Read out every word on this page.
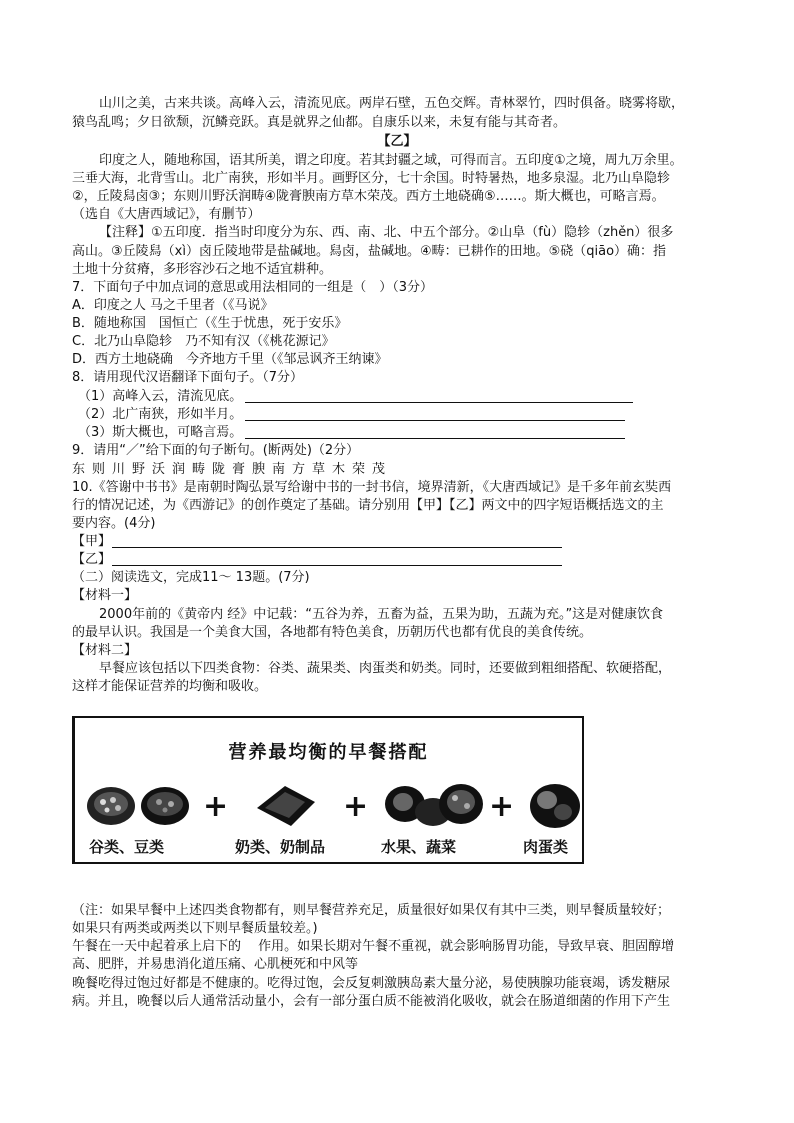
山川之美，古来共谈。高峰入云，清流见底。两岸石壁，五色交辉。青林翠竹，四时俱备。晓雾将歇，
猿鸟乱鸣；夕日欲颓，沉鳞竞跃。真是就界之仙都。自康乐以来，未复有能与其奇者。
【乙】
印度之人，随地称国，语其所美，谓之印度。若其封疆之域，可得而言。五印度①之境，周九万余里。
三垂大海，北背雪山。北广南狭，形如半月。画野区分，七十余国。时特暑热，地多泉湿。北乃山阜隐轸
②，丘陵舄卤③；东则川野沃润畴④陇膏腴南方草木荣茂。西方土地硗确⑤……。斯大概也，可略言焉。
（选自《大唐西域记》，有删节）
【注释】①五印度．指当时印度分为东、西、南、北、中五个部分。②山阜（fù）隐轸（zhěn）很多
高山。③丘陵舄（xì）卤丘陵地带是盐碱地。舄卤，盐碱地。④畴：已耕作的田地。⑤硗（qiāo）确：指
土地十分贫瘠，多形容沙石之地不适宜耕种。
7．下面句子中加点词的意思或用法相同的一组是（　）（3分）
A．印度之人 马之千里者（《马说》
B．随地称国　国恒亡（《生于忧患，死于安乐》
C．北乃山阜隐轸　乃不知有汉（《桃花源记》
D．西方土地硗确　今齐地方千里（《邹忌讽齐王纳谏》
8．请用现代汉语翻译下面句子。（7分）
（1）高峰入云，清流见底。
（2）北广南狭，形如半月。
（3）斯大概也，可略言焉。
9．请用“／”给下面的句子断句。(断两处)（2分）
东则川野沃润畴陇膏腴南方草木荣茂
10.《答谢中书书》是南朝时陶弘景写给谢中书的一封书信，境界清新，《大唐西域记》是千多年前玄奘西
行的情况记述，为《西游记》的创作奠定了基础。请分别用【甲】【乙】两文中的四字短语概括选文的主
要内容。(4分)
【甲】
【乙】
（二）阅读选文，完成11～ 13题。(7分)
【材料一】
2000年前的《黄帝内 经》中记载：“五谷为养，五畜为益，五果为助，五蔬为充。”这是对健康饮食
的最早认识。我国是一个美食大国，各地都有特色美食，历朝历代也都有优良的美食传统。
【材料二】
早餐应该包括以下四类食物：谷类、蔬果类、肉蛋类和奶类。同时，还要做到粗细搭配、软硬搭配，
这样才能保证营养的均衡和吸收。
营养最均衡的早餐搭配
+	+	+
谷类、豆类	奶类、奶制品	水果、蔬菜	肉蛋类
（注：如果早餐中上述四类食物都有，则早餐营养充足，质量很好如果仅有其中三类，则早餐质量较好；
如果只有两类或两类以下则早餐质量较差。)
午餐在一天中起着承上启下的　 作用。如果长期对午餐不重视，就会影响肠胃功能，导致早衰、胆固醇增
高、肥胖，并易患消化道压痛、心肌梗死和中风等
晚餐吃得过饱过好都是不健康的。吃得过饱，会反复刺激胰岛素大量分泌，易使胰腺功能衰竭，诱发糖尿
病。并且，晚餐以后人通常活动量小，会有一部分蛋白质不能被消化吸收，就会在肠道细菌的作用下产生
